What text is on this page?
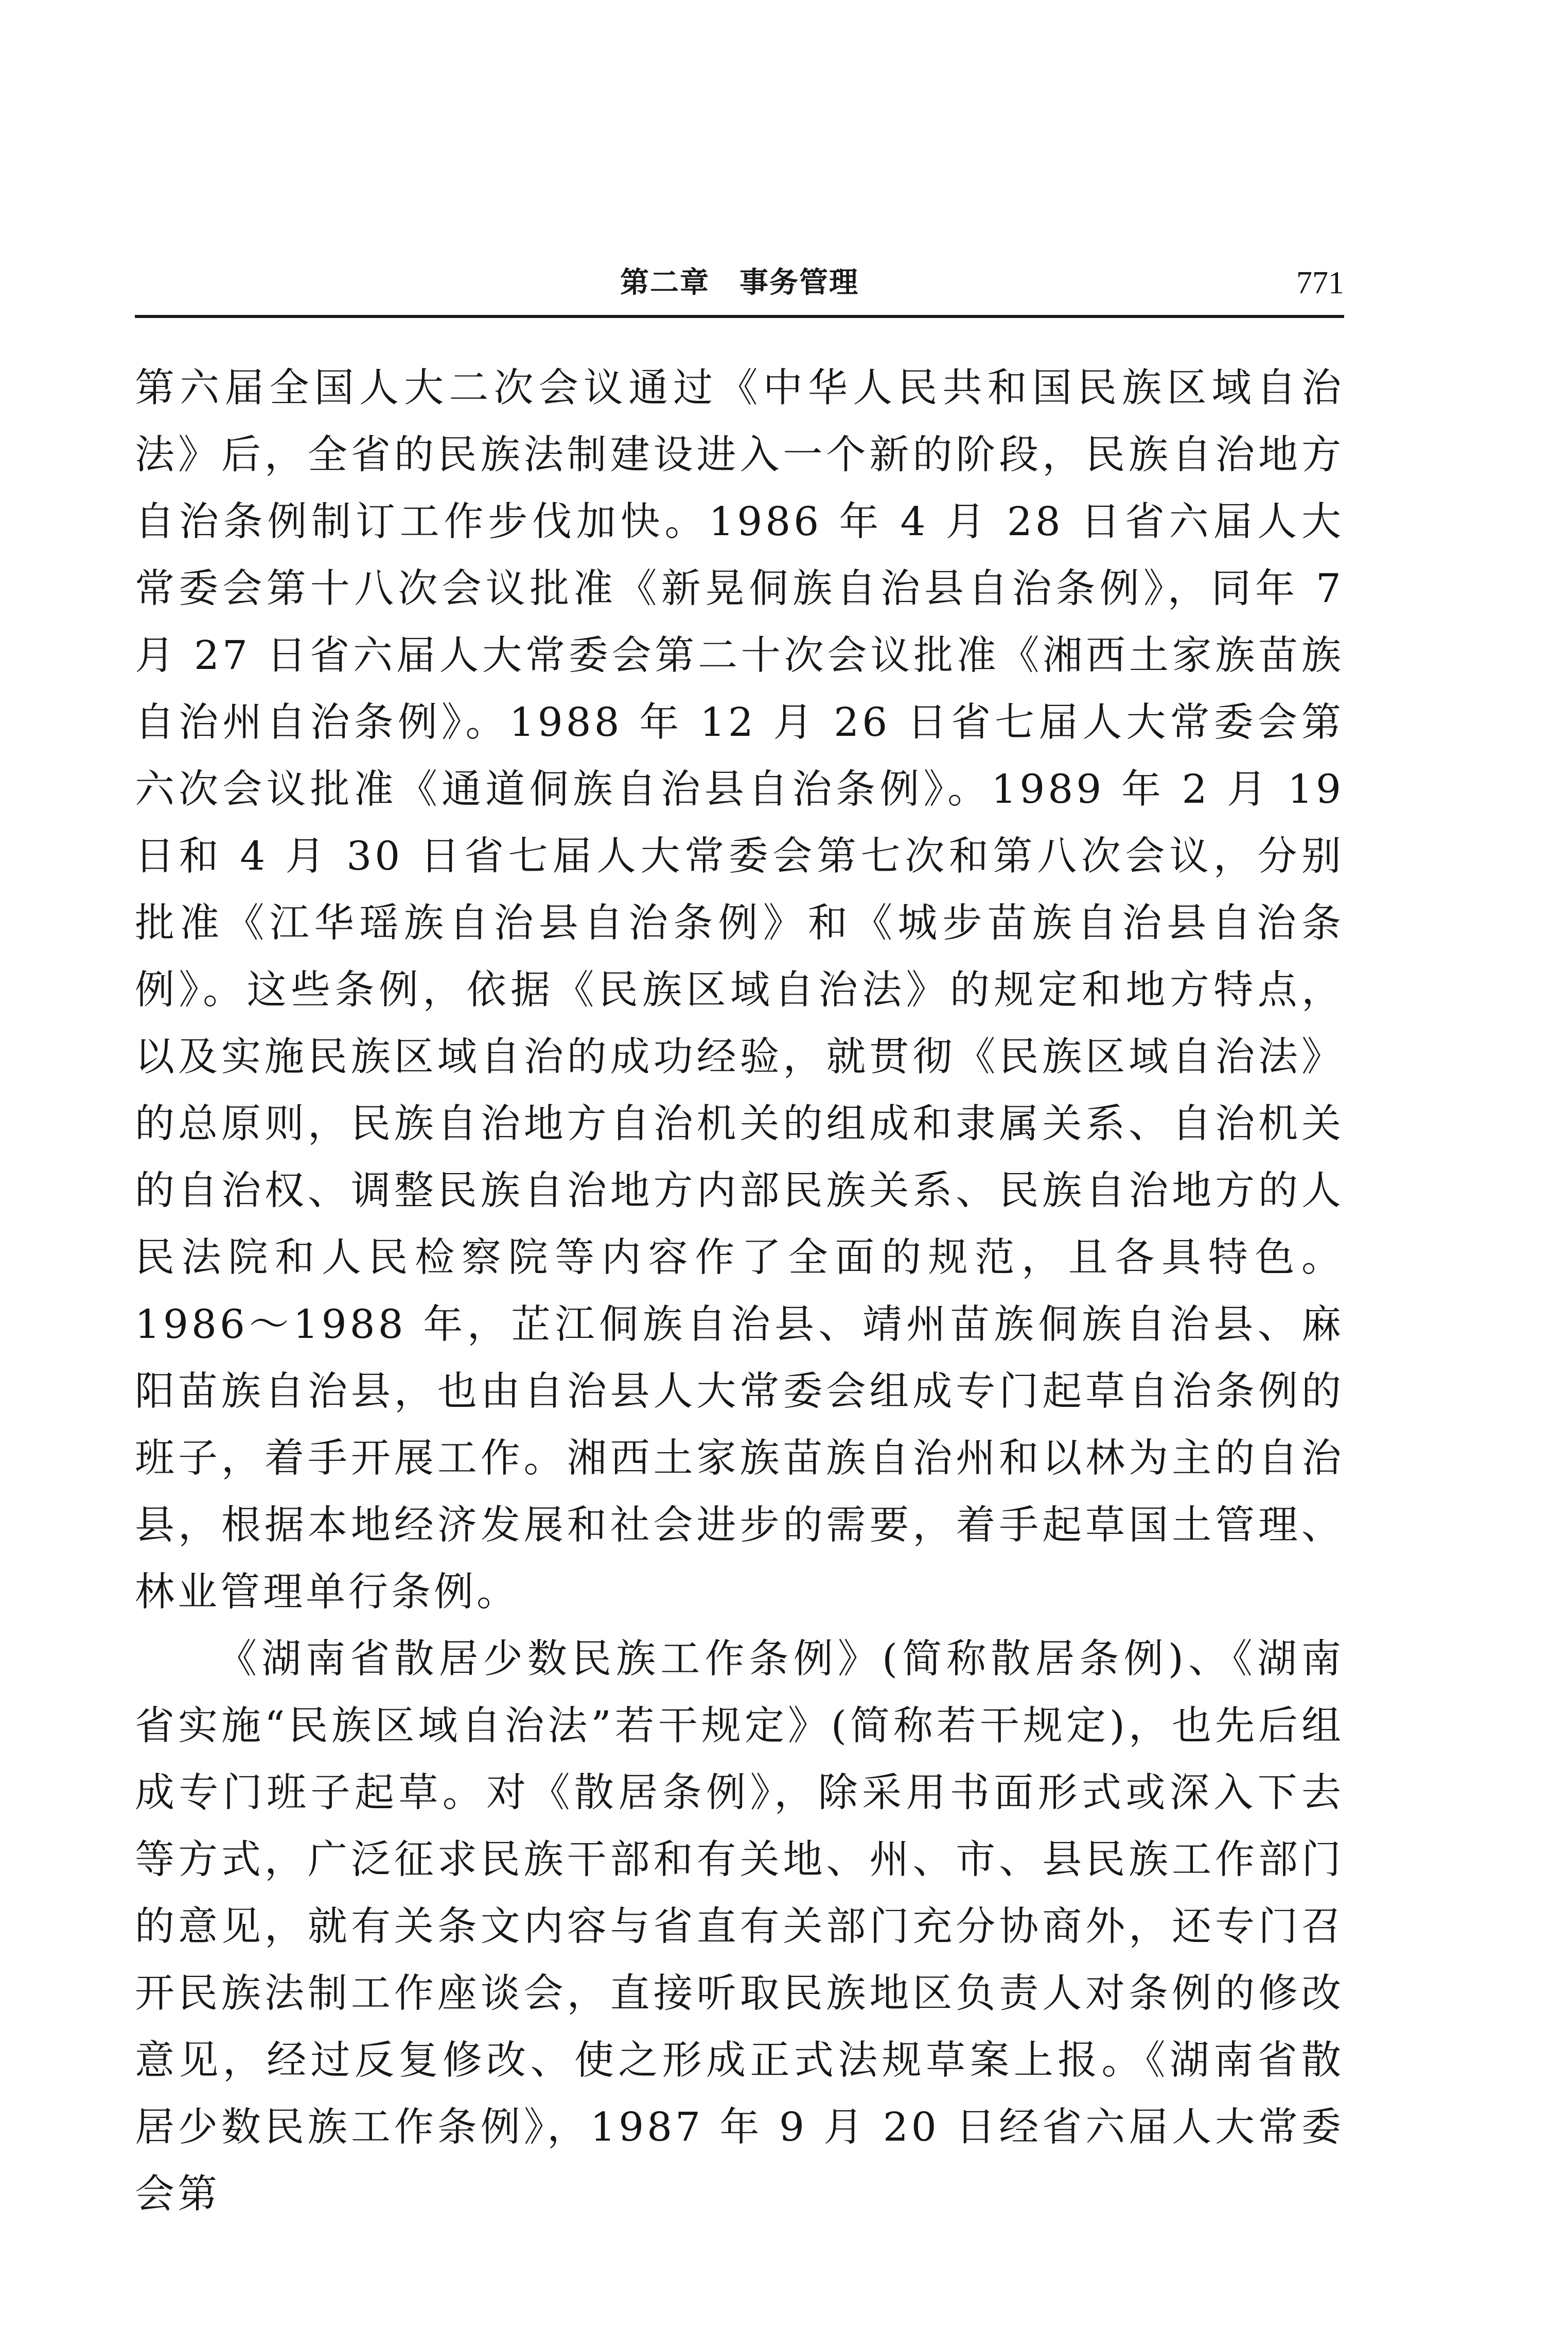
第二章　事务管理	771

第六届全国人大二次会议通过《中华人民共和国民族区域自治法》后，全省的民族法制建设进入一个新的阶段，民族自治地方自治条例制订工作步伐加快。1986 年 4 月 28 日省六届人大常委会第十八次会议批准《新晃侗族自治县自治条例》，同年 7 月 27 日省六届人大常委会第二十次会议批准《湘西土家族苗族自治州自治条例》。1988 年 12 月 26 日省七届人大常委会第六次会议批准《通道侗族自治县自治条例》。1989 年 2 月 19 日和 4 月 30 日省七届人大常委会第七次和第八次会议，分别批准《江华瑶族自治县自治条例》和《城步苗族自治县自治条例》。这些条例，依据《民族区域自治法》的规定和地方特点，以及实施民族区域自治的成功经验，就贯彻《民族区域自治法》的总原则，民族自治地方自治机关的组成和隶属关系、自治机关的自治权、调整民族自治地方内部民族关系、民族自治地方的人民法院和人民检察院等内容作了全面的规范，且各具特色。1986～1988 年，芷江侗族自治县、靖州苗族侗族自治县、麻阳苗族自治县，也由自治县人大常委会组成专门起草自治条例的班子，着手开展工作。湘西土家族苗族自治州和以林为主的自治县，根据本地经济发展和社会进步的需要，着手起草国土管理、林业管理单行条例。

《湖南省散居少数民族工作条例》(简称散居条例)、《湖南省实施“民族区域自治法”若干规定》(简称若干规定)，也先后组成专门班子起草。对《散居条例》，除采用书面形式或深入下去等方式，广泛征求民族干部和有关地、州、市、县民族工作部门的意见，就有关条文内容与省直有关部门充分协商外，还专门召开民族法制工作座谈会，直接听取民族地区负责人对条例的修改意见，经过反复修改、使之形成正式法规草案上报。《湖南省散居少数民族工作条例》，1987 年 9 月 20 日经省六届人大常委会第
